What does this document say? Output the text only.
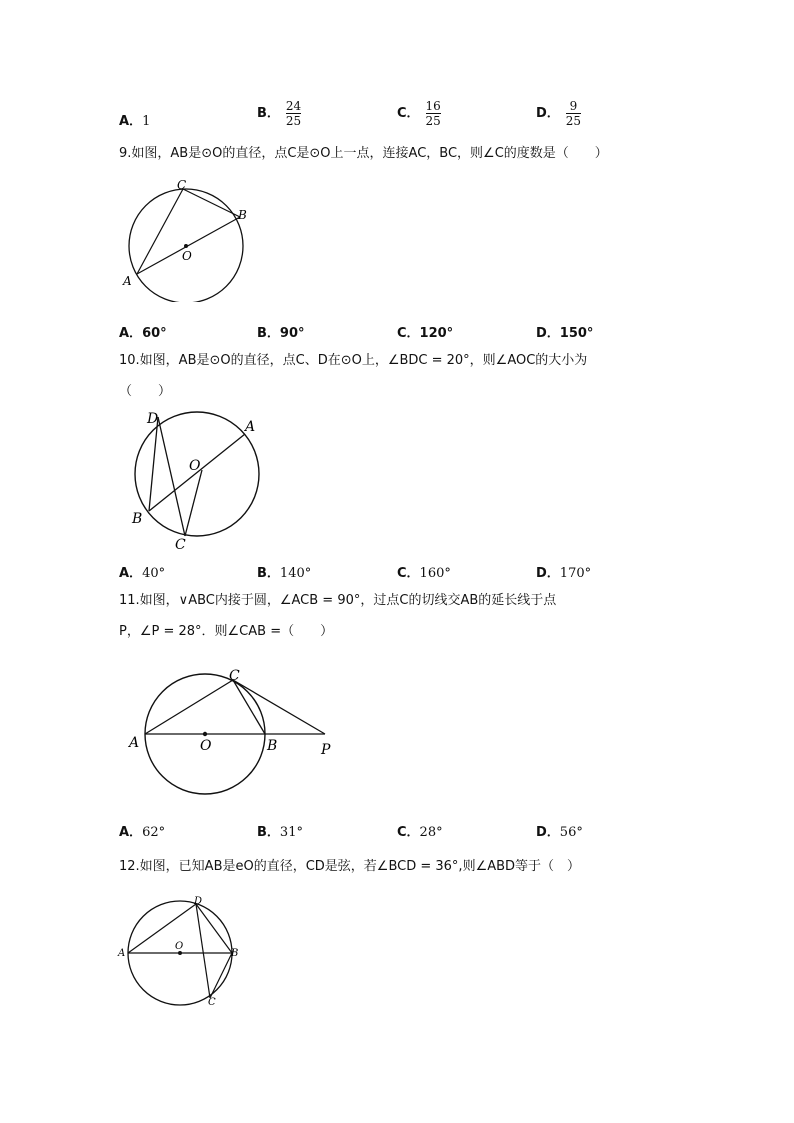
A．1
B． $\frac{24}{25}$	C． $\frac{16}{25}$	D． $\frac{9}{25}$
9.如图，AB是⊙O的直径，点C是⊙O上一点，连接AC，BC，则∠C的度数是（　　）
C
B
O
A
A．60°	B．90°	C．120°	D．150°
10.如图，AB是⊙O的直径，点C、D在⊙O上，∠BDC = 20°，则∠AOC的大小为
（　　）
D	A
O
B
C
A．40°	B．140°	C．160°	D．170°
11.如图，∨ABC内接于圆，∠ACB = 90°，过点C的切线交AB的延长线于点
P，∠P = 28°．则∠CAB =（　　）
C
A	O	B	P
A．62°	B．31°	C．28°	D．56°
12.如图，已知AB是eO的直径，CD是弦，若∠BCD = 36°,则∠ABD等于（　）
D
A
O
B
C
